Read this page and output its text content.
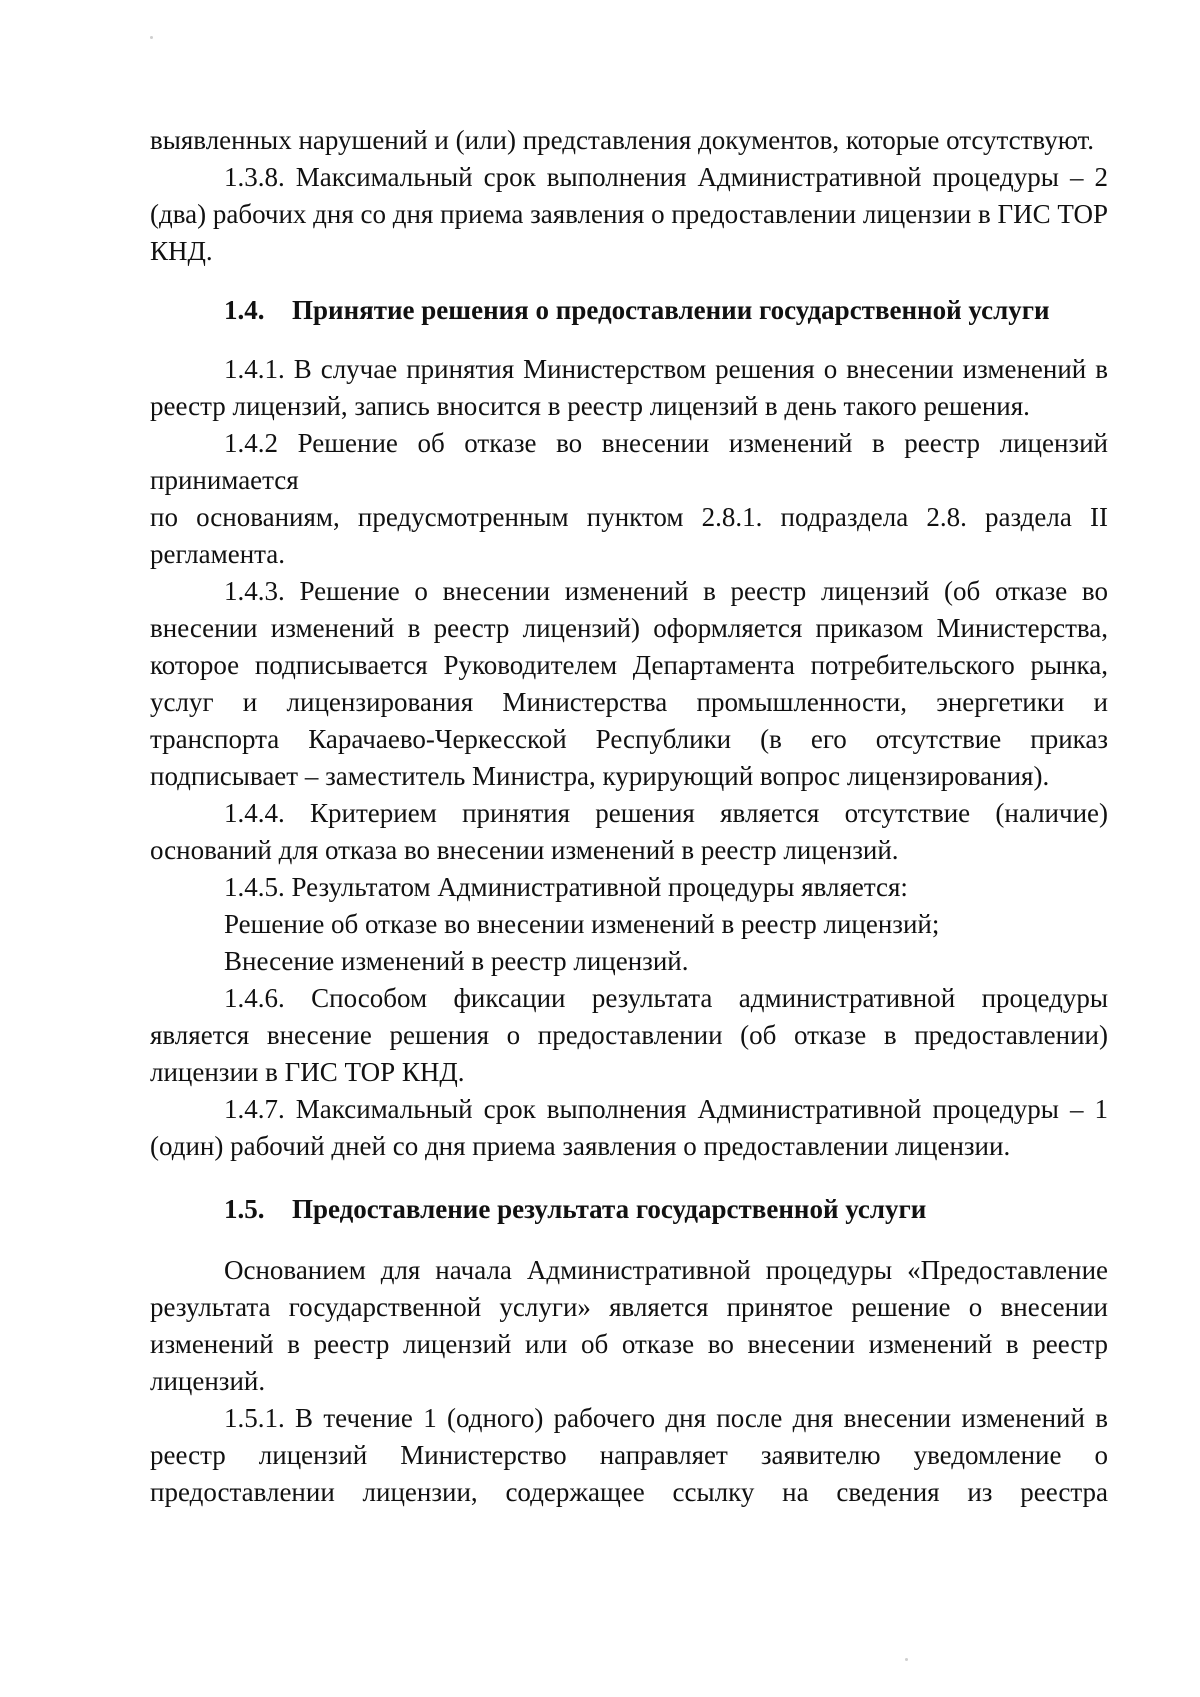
выявленных нарушений и (или) представления документов, которые отсутствуют.

1.3.8. Максимальный срок выполнения Административной процедуры – 2 (два) рабочих дня со дня приема заявления о предоставлении лицензии в ГИС ТОР КНД.

1.4. Принятие решения о предоставлении государственной услуги

1.4.1. В случае принятия Министерством решения о внесении изменений в реестр лицензий, запись вносится в реестр лицензий в день такого решения.

1.4.2 Решение об отказе во внесении изменений в реестр лицензий

принимается

по основаниям, предусмотренным пунктом 2.8.1. подраздела 2.8. раздела II регламента.

1.4.3. Решение о внесении изменений в реестр лицензий (об отказе во внесении изменений в реестр лицензий) оформляется приказом Министерства, которое подписывается Руководителем Департамента потребительского рынка, услуг и лицензирования Министерства промышленности, энергетики и транспорта Карачаево-Черкесской Республики (в его отсутствие приказ подписывает – заместитель Министра, курирующий вопрос лицензирования).

1.4.4. Критерием принятия решения является отсутствие (наличие) оснований для отказа во внесении изменений в реестр лицензий.

1.4.5. Результатом Административной процедуры является:

Решение об отказе во внесении изменений в реестр лицензий;

Внесение изменений в реестр лицензий.

1.4.6. Способом фиксации результата административной процедуры является внесение решения о предоставлении (об отказе в предоставлении) лицензии в ГИС ТОР КНД.

1.4.7. Максимальный срок выполнения Административной процедуры – 1 (один) рабочий дней со дня приема заявления о предоставлении лицензии.

1.5. Предоставление результата государственной услуги

Основанием для начала Административной процедуры «Предоставление результата государственной услуги» является принятое решение о внесении изменений в реестр лицензий или об отказе во внесении изменений в реестр лицензий.

1.5.1. В течение 1 (одного) рабочего дня после дня внесении изменений в реестр лицензий Министерство направляет заявителю уведомление о предоставлении лицензии, содержащее ссылку на сведения из реестра
